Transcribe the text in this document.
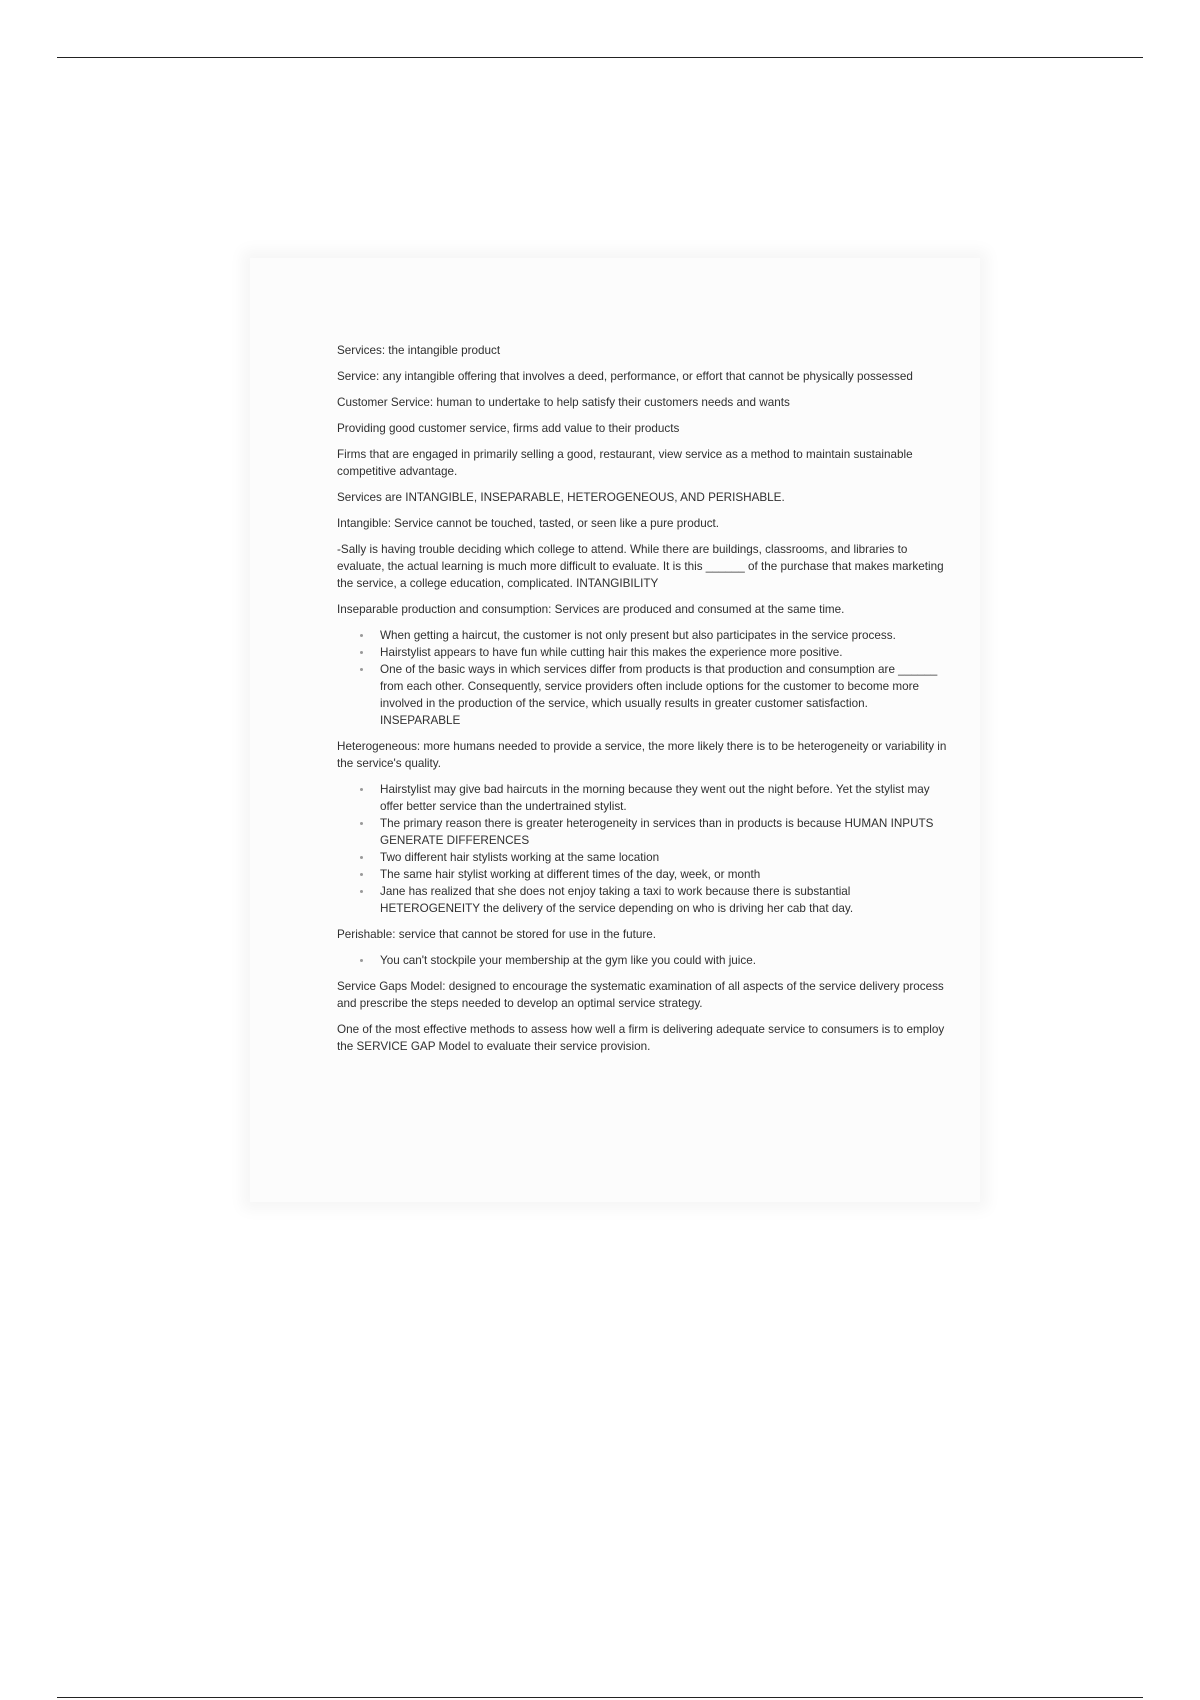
Services: the intangible product

Service: any intangible offering that involves a deed, performance, or effort that cannot be physically possessed

Customer Service: human to undertake to help satisfy their customers needs and wants

Providing good customer service, firms add value to their products

Firms that are engaged in primarily selling a good, restaurant, view service as a method to maintain sustainable competitive advantage.

Services are INTANGIBLE, INSEPARABLE, HETEROGENEOUS, AND PERISHABLE.

Intangible: Service cannot be touched, tasted, or seen like a pure product.

-Sally is having trouble deciding which college to attend. While there are buildings, classrooms, and libraries to evaluate, the actual learning is much more difficult to evaluate. It is this ______ of the purchase that makes marketing the service, a college education, complicated. INTANGIBILITY

Inseparable production and consumption: Services are produced and consumed at the same time.

When getting a haircut, the customer is not only present but also participates in the service process.
Hairstylist appears to have fun while cutting hair this makes the experience more positive.
One of the basic ways in which services differ from products is that production and consumption are ______ from each other. Consequently, service providers often include options for the customer to become more involved in the production of the service, which usually results in greater customer satisfaction. INSEPARABLE

Heterogeneous: more humans needed to provide a service, the more likely there is to be heterogeneity or variability in the service's quality.

Hairstylist may give bad haircuts in the morning because they went out the night before. Yet the stylist may offer better service than the undertrained stylist.
The primary reason there is greater heterogeneity in services than in products is because HUMAN INPUTS GENERATE DIFFERENCES
Two different hair stylists working at the same location
The same hair stylist working at different times of the day, week, or month
Jane has realized that she does not enjoy taking a taxi to work because there is substantial HETEROGENEITY the delivery of the service depending on who is driving her cab that day.

Perishable: service that cannot be stored for use in the future.

You can't stockpile your membership at the gym like you could with juice.

Service Gaps Model: designed to encourage the systematic examination of all aspects of the service delivery process and prescribe the steps needed to develop an optimal service strategy.

One of the most effective methods to assess how well a firm is delivering adequate service to consumers is to employ the SERVICE GAP Model to evaluate their service provision.
